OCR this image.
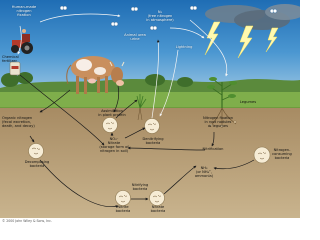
Human-made
nitrogen
fixation
N₂
(free nitrogen
in atmosphere)
Animal urea
urine
Lightning
Chemical
fertilizer
Organic nitrogen
(fecal excretion,
death, and decay)
Legumes
Assimilation
in plant protein
Denitrifying
bacteria
Decomposing
bacteria
NO₃⁻
Nitrate
(storage form of
nitrogen in soil)
Nitrogen fixation
in root nodules
of legumes
Nitrification	Nitrogen-
consuming
bacteria
NH₃
(or NH₄⁺,
ammonia)
Nitrifying
bacteria
Nitrite
bacteria
Nitrate
bacteria
© 2000 John Wiley & Sons, Inc.
